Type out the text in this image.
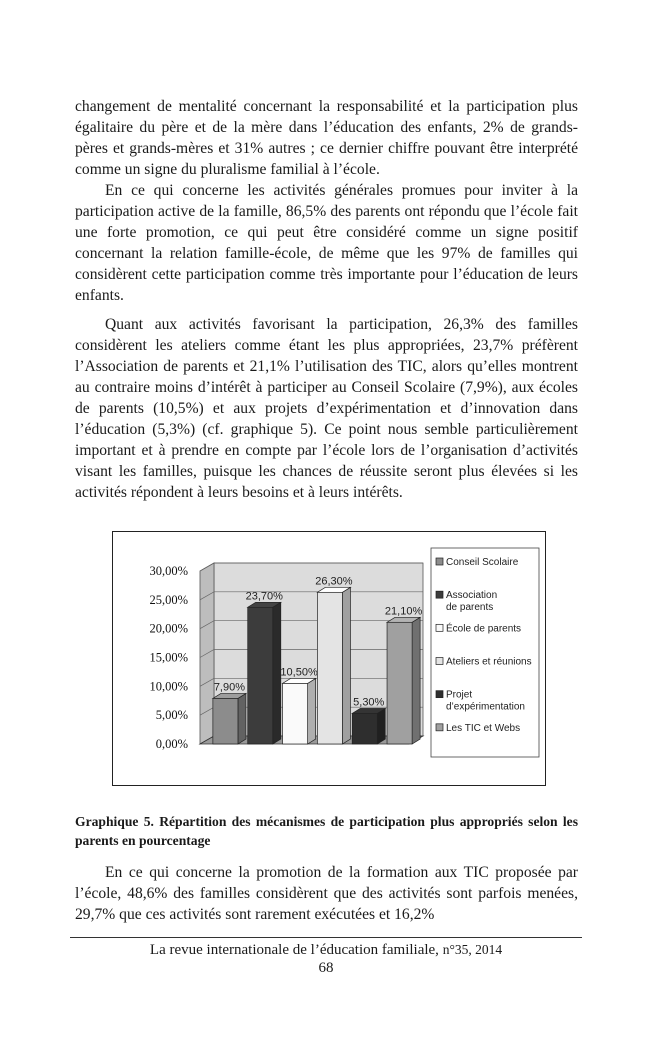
changement de mentalité concernant la responsabilité et la participation plus égalitaire du père et de la mère dans l’éducation des enfants, 2% de grands-pères et grands-mères et 31% autres ; ce dernier chiffre pouvant être interprété comme un signe du pluralisme familial à l’école.

En ce qui concerne les activités générales promues pour inviter à la participation active de la famille, 86,5% des parents ont répondu que l’école fait une forte promotion, ce qui peut être considéré comme un signe positif concernant la relation famille-école, de même que les 97% de familles qui considèrent cette participation comme très importante pour l’éducation de leurs enfants.

Quant aux activités favorisant la participation, 26,3% des familles considèrent les ateliers comme étant les plus appropriées, 23,7% préfèrent l’Association de parents et 21,1% l’utilisation des TIC, alors qu’elles montrent au contraire moins d’intérêt à participer au Conseil Scolaire (7,9%), aux écoles de parents (10,5%) et aux projets d’expérimentation et d’innovation dans l’éducation (5,3%) (cf. graphique 5). Ce point nous semble particulièrement important et à prendre en compte par l’école lors de l’organisation d’activités visant les familles, puisque les chances de réussite seront plus élevées si les activités répondent à leurs besoins et à leurs intérêts.

0,00%
5,00%
10,00%
15,00%
20,00%
25,00%
30,00%
7,90%
23,70%
10,50%
26,30%
5,30%
21,10%
Conseil Scolaire
Association de parents
École de parents
Ateliers et réunions
Projet d’expérimentation
Les TIC et Webs

Graphique 5. Répartition des mécanismes de participation plus appropriés selon les parents en pourcentage

En ce qui concerne la promotion de la formation aux TIC proposée par l’école, 48,6% des familles considèrent que des activités sont parfois menées, 29,7% que ces activités sont rarement exécutées et 16,2%

La revue internationale de l’éducation familiale, n°35, 2014
68
